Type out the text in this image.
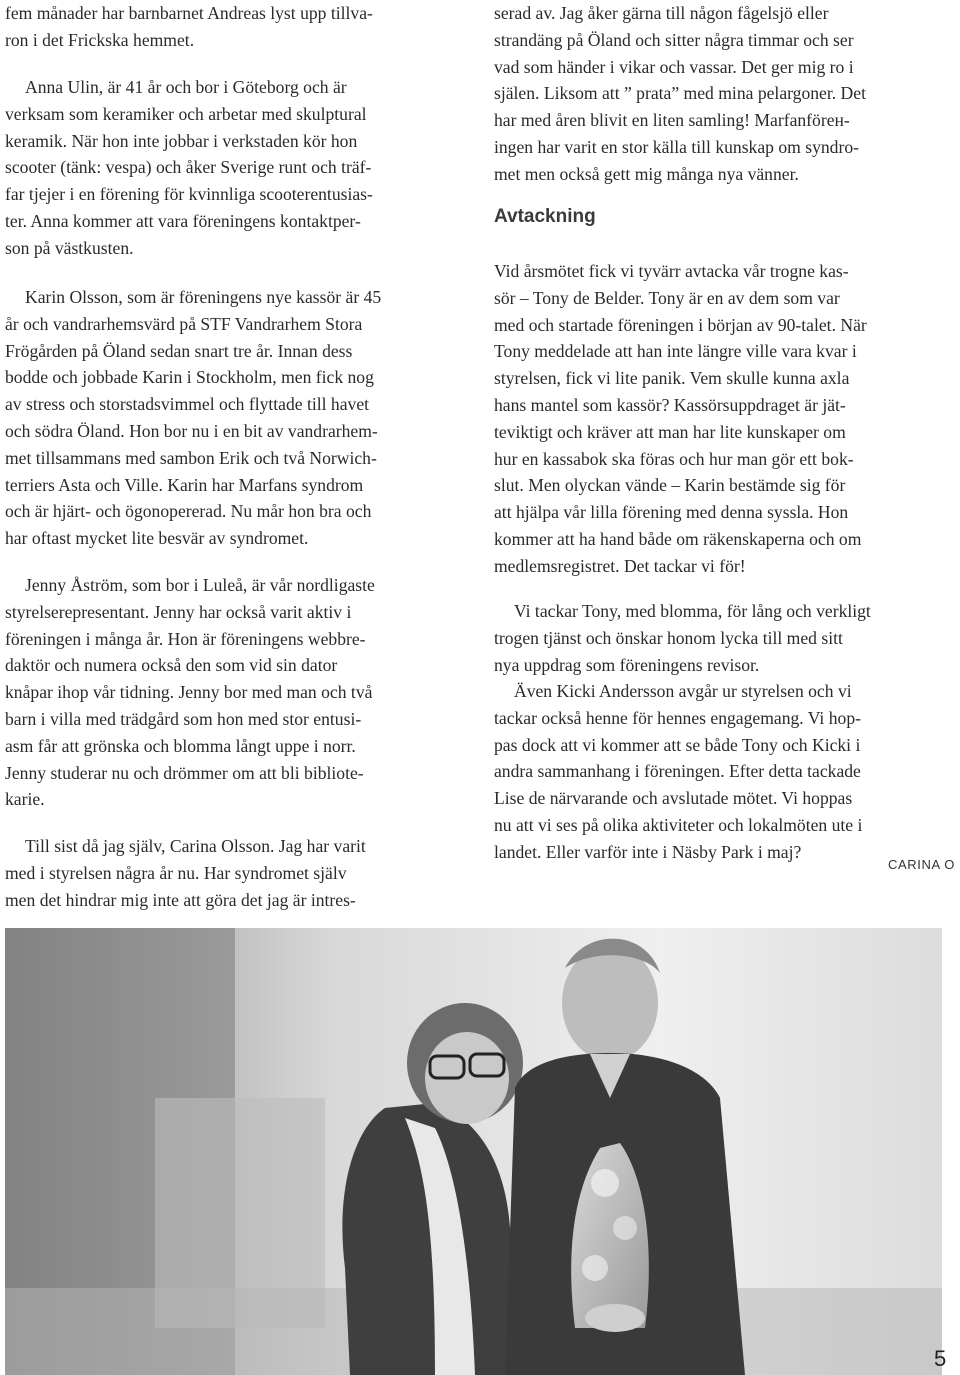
fem månader har barnbarnet Andreas lyst upp tillva-
ron i det Frickska hemmet.
Anna Ulin, är 41 år och bor i Göteborg och är
verksam som keramiker och arbetar med skulptural
keramik. När hon inte jobbar i verkstaden kör hon
scooter (tänk: vespa) och åker Sverige runt och träf-
far tjejer i en förening för kvinnliga scooterentusias-
ter. Anna kommer att vara föreningens kontaktper-
son på västkusten.
Karin Olsson, som är föreningens nye kassör är 45
år och vandrarhemsvärd på STF Vandrarhem Stora
Frögården på Öland sedan snart tre år. Innan dess
bodde och jobbade Karin i Stockholm, men fick nog
av stress och storstadsvimmel och flyttade till havet
och södra Öland. Hon bor nu i en bit av vandrarhem-
met tillsammans med sambon Erik och två Norwich-
terriers Asta och Ville. Karin har Marfans syndrom
och är hjärt- och ögonopererad. Nu mår hon bra och
har oftast mycket lite besvär av syndromet.
Jenny Åström, som bor i Luleå, är vår nordligaste
styrelserepresentant. Jenny har också varit aktiv i
föreningen i många år. Hon är föreningens webbre-
daktör och numera också den som vid sin dator
knåpar ihop vår tidning. Jenny bor med man och två
barn i villa med trädgård som hon med stor entusi-
asm får att grönska och blomma långt uppe i norr.
Jenny studerar nu och drömmer om att bli bibliote-
karie.
Till sist då jag själv, Carina Olsson. Jag har varit
med i styrelsen några år nu. Har syndromet själv
men det hindrar mig inte att göra det jag är intres-
serad av. Jag åker gärna till någon fågelsjö eller
strandäng på Öland och sitter några timmar och ser
vad som händer i vikar och vassar. Det ger mig ro i
själen. Liksom att ” prata” med mina pelargoner. Det
har med åren blivit en liten samling! Marfanförен-
ingen har varit en stor källa till kunskap om syndro-
met men också gett mig många nya vänner.
Vid årsmötet fick vi tyvärr avtacka vår trogne kas-
sör – Tony de Belder. Tony är en av dem som var
med och startade föreningen i början av 90-talet. När
Tony meddelade att han inte längre ville vara kvar i
styrelsen, fick vi lite panik. Vem skulle kunna axla
hans mantel som kassör? Kassörsuppdraget är jät-
teviktigt och kräver att man har lite kunskaper om
hur en kassabok ska föras och hur man gör ett bok-
slut. Men olyckan vände – Karin bestämde sig för
att hjälpa vår lilla förening med denna syssla. Hon
kommer att ha hand både om räkenskaperna och om
medlemsregistret. Det tackar vi för!
Vi tackar Tony, med blomma, för lång och verkligt
trogen tjänst och önskar honom lycka till med sitt
nya uppdrag som föreningens revisor.
Även Kicki Andersson avgår ur styrelsen och vi
tackar också henne för hennes engagemang. Vi hop-
pas dock att vi kommer att se både Tony och Kicki i
andra sammanhang i föreningen. Efter detta tackade
Lise de närvarande och avslutade mötet. Vi hoppas
nu att vi ses på olika aktiviteter och lokalmöten ute i
landet. Eller varför inte i Näsby Park i maj?
Avtackning
CARINA O
5
